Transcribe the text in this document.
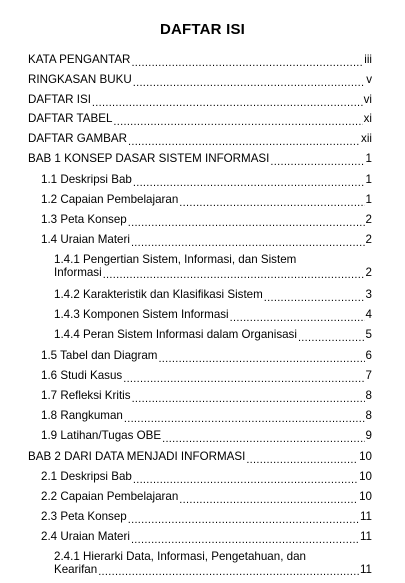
DAFTAR ISI
KATA PENGANTAR .....	iii
RINGKASAN BUKU .....	v
DAFTAR ISI .....	vi
DAFTAR TABEL .....	xi
DAFTAR GAMBAR .....	xii
BAB 1 KONSEP DASAR SISTEM INFORMASI .....	1
1.1 Deskripsi Bab .....	1
1.2 Capaian Pembelajaran .....	1
1.3 Peta Konsep .....	2
1.4 Uraian Materi .....	2
1.4.1 Pengertian Sistem, Informasi, dan Sistem
Informasi .....	2
1.4.2 Karakteristik dan Klasifikasi Sistem .....	3
1.4.3 Komponen Sistem Informasi .....	4
1.4.4 Peran Sistem Informasi dalam Organisasi .....	5
1.5 Tabel dan Diagram .....	6
1.6 Studi Kasus .....	7
1.7 Refleksi Kritis .....	8
1.8 Rangkuman .....	8
1.9 Latihan/Tugas OBE .....	9
BAB 2 DARI DATA MENJADI INFORMASI .....	10
2.1 Deskripsi Bab .....	10
2.2 Capaian Pembelajaran .....	10
2.3 Peta Konsep .....	11
2.4 Uraian Materi .....	11
2.4.1 Hierarki Data, Informasi, Pengetahuan, dan
Kearifan .....	11
